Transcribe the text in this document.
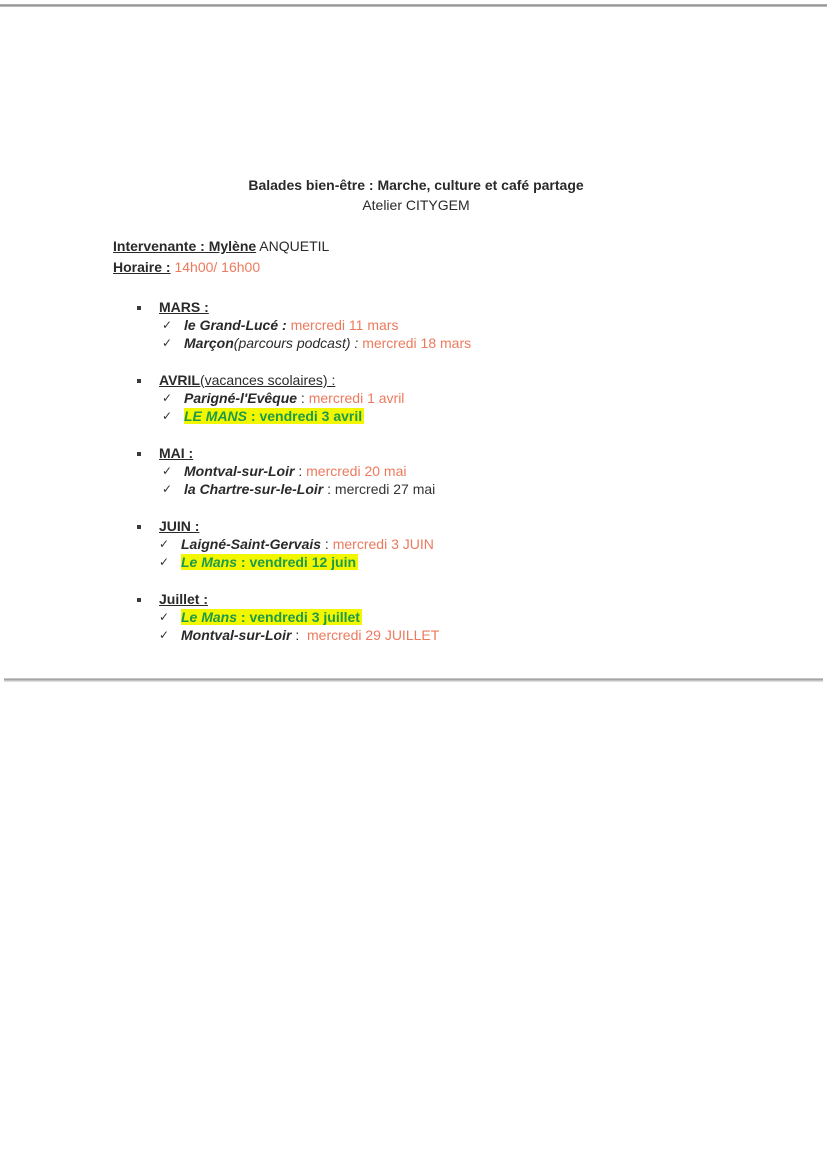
Balades bien-être : Marche, culture et café partage
Atelier CITYGEM
Intervenante : Mylène ANQUETIL
Horaire : 14h00/ 16h00
MARS :
✓ le Grand-Lucé :
mercredi 11 mars
✓ Marçon (parcours podcast) :
mercredi 18 mars
AVRIL (vacances scolaires) :
✓ Parigné-l'Evêque : mercredi 1 avril
✓ LE MANS : vendredi 3 avril
MAI :
✓ Montval-sur-Loir : mercredi 20 mai
✓ la Chartre-sur-le-Loir : mercredi 27 mai
JUIN :
✓ Laigné-Saint-Gervais : mercredi 3 JUIN
✓ Le Mans : vendredi 12 juin
Juillet :
✓ Le Mans : vendredi 3 juillet
✓ Montval-sur-Loir : mercredi 29 JUILLET
